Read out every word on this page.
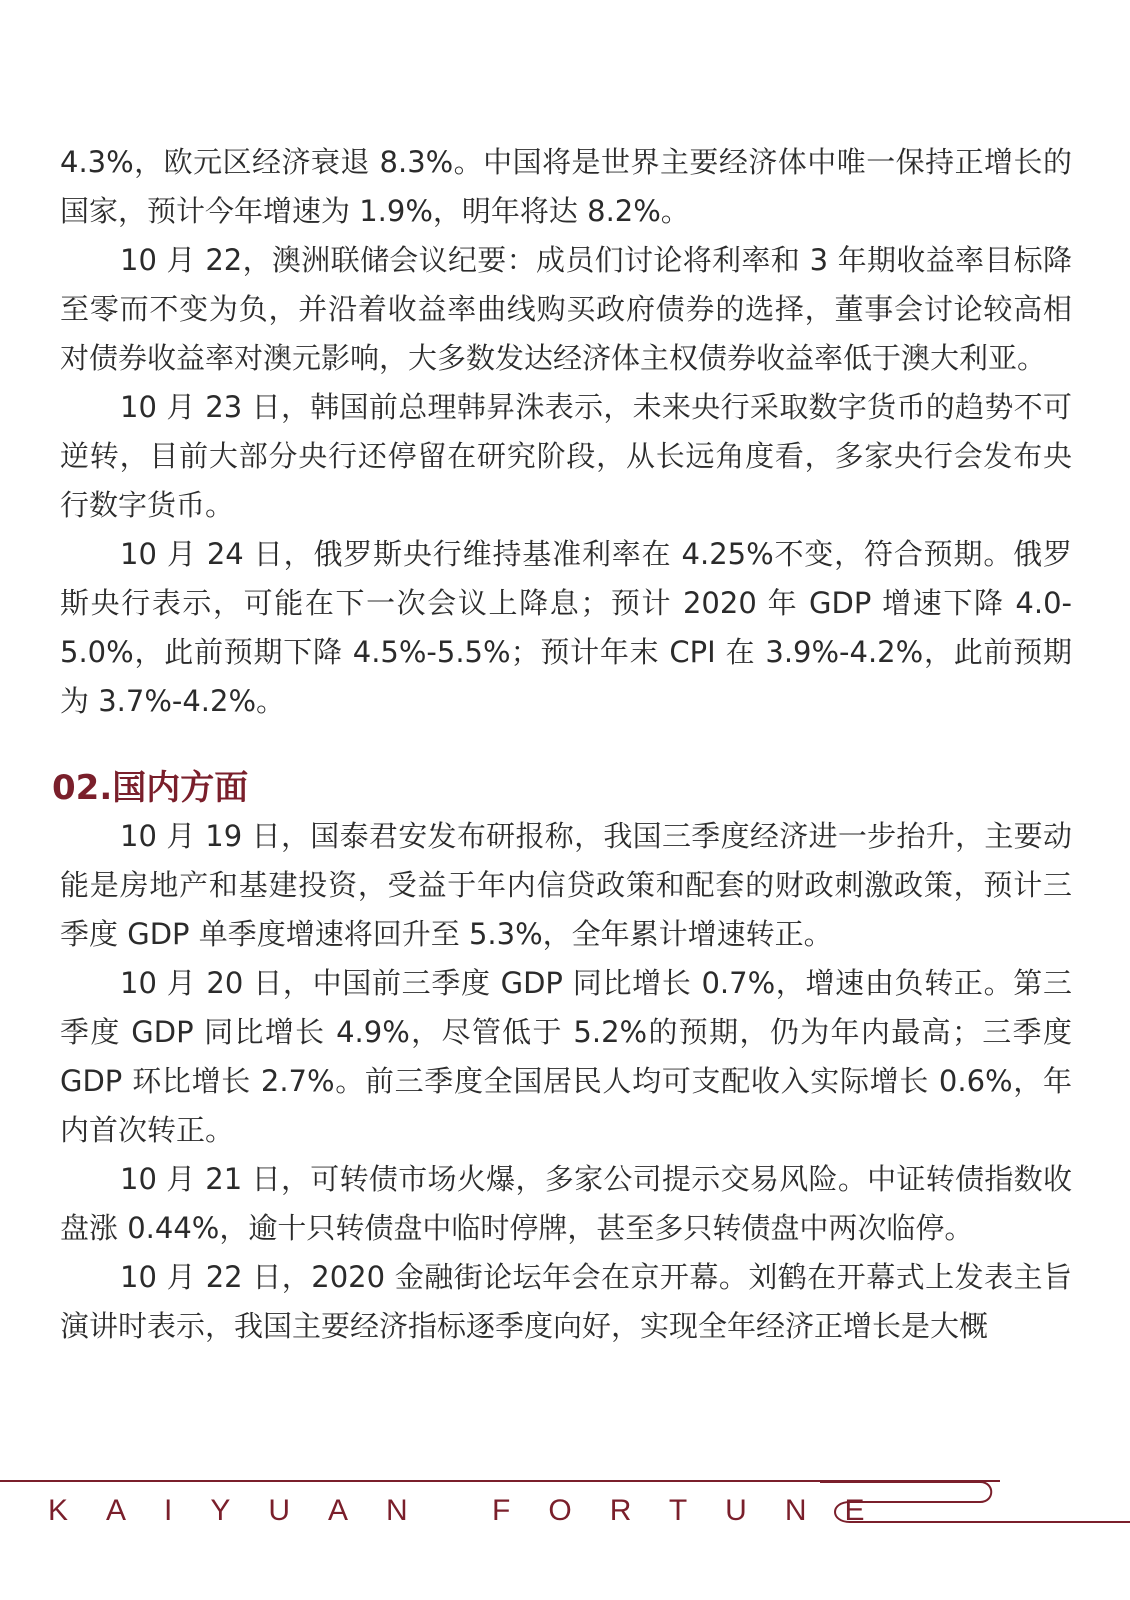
4.3%，欧元区经济衰退 8.3%。中国将是世界主要经济体中唯一保持正增长的国家，预计今年增速为 1.9%，明年将达 8.2%。

10 月 22，澳洲联储会议纪要：成员们讨论将利率和 3 年期收益率目标降至零而不变为负，并沿着收益率曲线购买政府债券的选择，董事会讨论较高相对债券收益率对澳元影响，大多数发达经济体主权债券收益率低于澳大利亚。

10 月 23 日，韩国前总理韩昇洙表示，未来央行采取数字货币的趋势不可逆转，目前大部分央行还停留在研究阶段，从长远角度看，多家央行会发布央行数字货币。

10 月 24 日，俄罗斯央行维持基准利率在 4.25%不变，符合预期。俄罗斯央行表示，可能在下一次会议上降息；预计 2020 年 GDP 增速下降 4.0-5.0%，此前预期下降 4.5%-5.5%；预计年末 CPI 在 3.9%-4.2%，此前预期为 3.7%-4.2%。

02.国内方面

10 月 19 日，国泰君安发布研报称，我国三季度经济进一步抬升，主要动能是房地产和基建投资，受益于年内信贷政策和配套的财政刺激政策，预计三季度 GDP 单季度增速将回升至 5.3%，全年累计增速转正。

10 月 20 日，中国前三季度 GDP 同比增长 0.7%，增速由负转正。第三季度 GDP 同比增长 4.9%，尽管低于 5.2%的预期，仍为年内最高；三季度 GDP 环比增长 2.7%。前三季度全国居民人均可支配收入实际增长 0.6%，年内首次转正。

10 月 21 日，可转债市场火爆，多家公司提示交易风险。中证转债指数收盘涨 0.44%，逾十只转债盘中临时停牌，甚至多只转债盘中两次临停。

10 月 22 日，2020 金融街论坛年会在京开幕。刘鹤在开幕式上发表主旨演讲时表示，我国主要经济指标逐季度向好，实现全年经济正增长是大概

KAIYUAN FORTUNE
